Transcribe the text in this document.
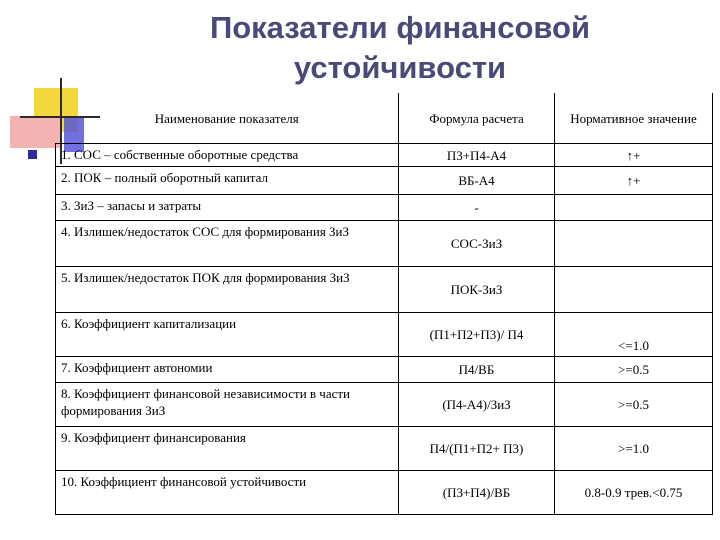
Показатели финансовой устойчивости
Наименование показателя	Формула расчета	Нормативное значение
1. СОС – собственные оборотные средства	П3+П4-А4	↑+
2. ПОК – полный оборотный капитал	ВБ-А4	↑+
3. ЗиЗ – запасы и затраты	-	
4. Излишек/недостаток СОС для формирования ЗиЗ	СОС-ЗиЗ	
5. Излишек/недостаток ПОК для формирования ЗиЗ	ПОК-ЗиЗ	
6. Коэффициент капитализации	(П1+П2+П3)/ П4	<=1.0
7. Коэффициент автономии	П4/ВБ	>=0.5
8. Коэффициент финансовой независимости в части формирования ЗиЗ	(П4-А4)/ЗиЗ	>=0.5
9. Коэффициент финансирования	П4/(П1+П2+ П3)	>=1.0
10. Коэффициент финансовой устойчивости	(П3+П4)/ВБ	0.8-0.9 трев.<0.75
